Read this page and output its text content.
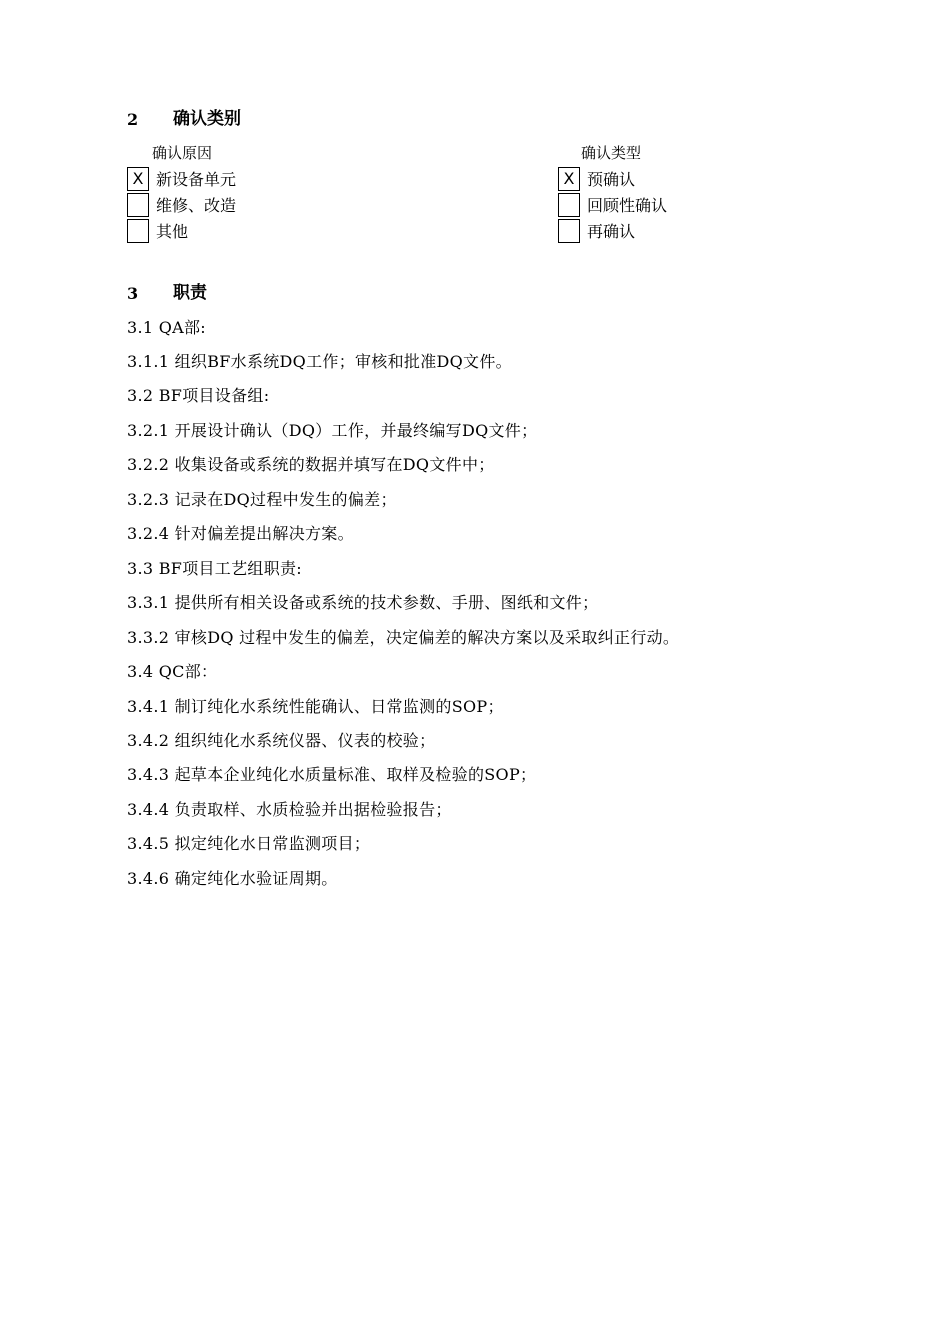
2 确认类别
确认原因
X 新设备单元
维修、改造
其他
确认类型
X 预确认
回顾性确认
再确认
3 职责
3.1 QA部:
3.1.1 组织BF水系统DQ工作；审核和批准DQ文件。
3.2 BF项目设备组:
3.2.1 开展设计确认（DQ）工作，并最终编写DQ文件；
3.2.2 收集设备或系统的数据并填写在DQ文件中；
3.2.3 记录在DQ过程中发生的偏差；
3.2.4 针对偏差提出解决方案。
3.3 BF项目工艺组职责:
3.3.1 提供所有相关设备或系统的技术参数、手册、图纸和文件；
3.3.2 审核DQ 过程中发生的偏差，决定偏差的解决方案以及采取纠正行动。
3.4 QC部：
3.4.1 制订纯化水系统性能确认、日常监测的SOP；
3.4.2 组织纯化水系统仪器、仪表的校验；
3.4.3 起草本企业纯化水质量标准、取样及检验的SOP；
3.4.4 负责取样、水质检验并出据检验报告；
3.4.5 拟定纯化水日常监测项目；
3.4.6 确定纯化水验证周期。
